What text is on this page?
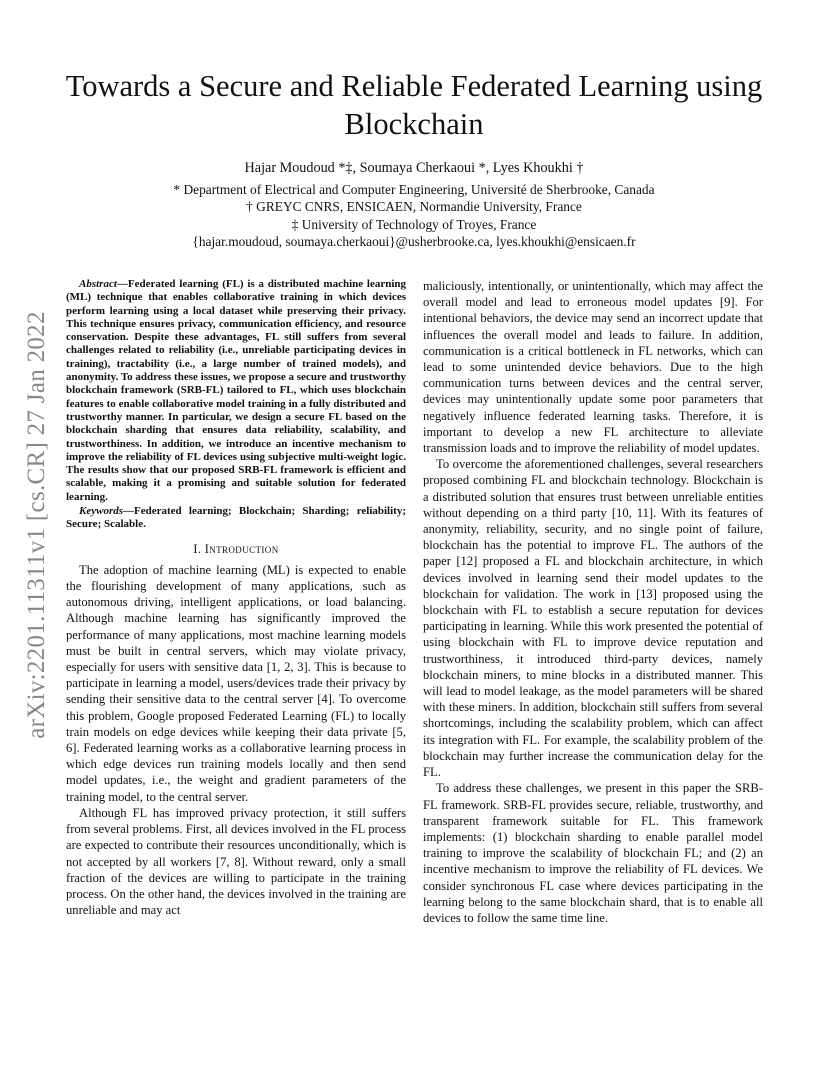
arXiv:2201.11311v1 [cs.CR] 27 Jan 2022
Towards a Secure and Reliable Federated Learning using Blockchain
Hajar Moudoud *‡, Soumaya Cherkaoui *, Lyes Khoukhi †
* Department of Electrical and Computer Engineering, Université de Sherbrooke, Canada
† GREYC CNRS, ENSICAEN, Normandie University, France
‡ University of Technology of Troyes, France
{hajar.moudoud, soumaya.cherkaoui}@usherbrooke.ca, lyes.khoukhi@ensicaen.fr

Abstract—Federated learning (FL) is a distributed machine learning (ML) technique that enables collaborative training in which devices perform learning using a local dataset while preserving their privacy. This technique ensures privacy, communication efficiency, and resource conservation. Despite these advantages, FL still suffers from several challenges related to reliability (i.e., unreliable participating devices in training), tractability (i.e., a large number of trained models), and anonymity. To address these issues, we propose a secure and trustworthy blockchain framework (SRB-FL) tailored to FL, which uses blockchain features to enable collaborative model training in a fully distributed and trustworthy manner. In particular, we design a secure FL based on the blockchain sharding that ensures data reliability, scalability, and trustworthiness. In addition, we introduce an incentive mechanism to improve the reliability of FL devices using subjective multi-weight logic. The results show that our proposed SRB-FL framework is efficient and scalable, making it a promising and suitable solution for federated learning.

Keywords—Federated learning; Blockchain; Sharding; reliability; Secure; Scalable.

I. Introduction

The adoption of machine learning (ML) is expected to enable the flourishing development of many applications, such as autonomous driving, intelligent applications, or load balancing. Although machine learning has significantly improved the performance of many applications, most machine learning models must be built in central servers, which may violate privacy, especially for users with sensitive data [1, 2, 3]. This is because to participate in learning a model, users/devices trade their privacy by sending their sensitive data to the central server [4]. To overcome this problem, Google proposed Federated Learning (FL) to locally train models on edge devices while keeping their data private [5, 6]. Federated learning works as a collaborative learning process in which edge devices run training models locally and then send model updates, i.e., the weight and gradient parameters of the training model, to the central server.

Although FL has improved privacy protection, it still suffers from several problems. First, all devices involved in the FL process are expected to contribute their resources unconditionally, which is not accepted by all workers [7, 8]. Without reward, only a small fraction of the devices are willing to participate in the training process. On the other hand, the devices involved in the training are unreliable and may act

maliciously, intentionally, or unintentionally, which may affect the overall model and lead to erroneous model updates [9]. For intentional behaviors, the device may send an incorrect update that influences the overall model and leads to failure. In addition, communication is a critical bottleneck in FL networks, which can lead to some unintended device behaviors. Due to the high communication turns between devices and the central server, devices may unintentionally update some poor parameters that negatively influence federated learning tasks. Therefore, it is important to develop a new FL architecture to alleviate transmission loads and to improve the reliability of model updates.

To overcome the aforementioned challenges, several researchers proposed combining FL and blockchain technology. Blockchain is a distributed solution that ensures trust between unreliable entities without depending on a third party [10, 11]. With its features of anonymity, reliability, security, and no single point of failure, blockchain has the potential to improve FL. The authors of the paper [12] proposed a FL and blockchain architecture, in which devices involved in learning send their model updates to the blockchain for validation. The work in [13] proposed using the blockchain with FL to establish a secure reputation for devices participating in learning. While this work presented the potential of using blockchain with FL to improve device reputation and trustworthiness, it introduced third-party devices, namely blockchain miners, to mine blocks in a distributed manner. This will lead to model leakage, as the model parameters will be shared with these miners. In addition, blockchain still suffers from several shortcomings, including the scalability problem, which can affect its integration with FL. For example, the scalability problem of the blockchain may further increase the communication delay for the FL.

To address these challenges, we present in this paper the SRB-FL framework. SRB-FL provides secure, reliable, trustworthy, and transparent framework suitable for FL. This framework implements: (1) blockchain sharding to enable parallel model training to improve the scalability of blockchain FL; and (2) an incentive mechanism to improve the reliability of FL devices. We consider synchronous FL case where devices participating in the learning belong to the same blockchain shard, that is to enable all devices to follow the same time line.
